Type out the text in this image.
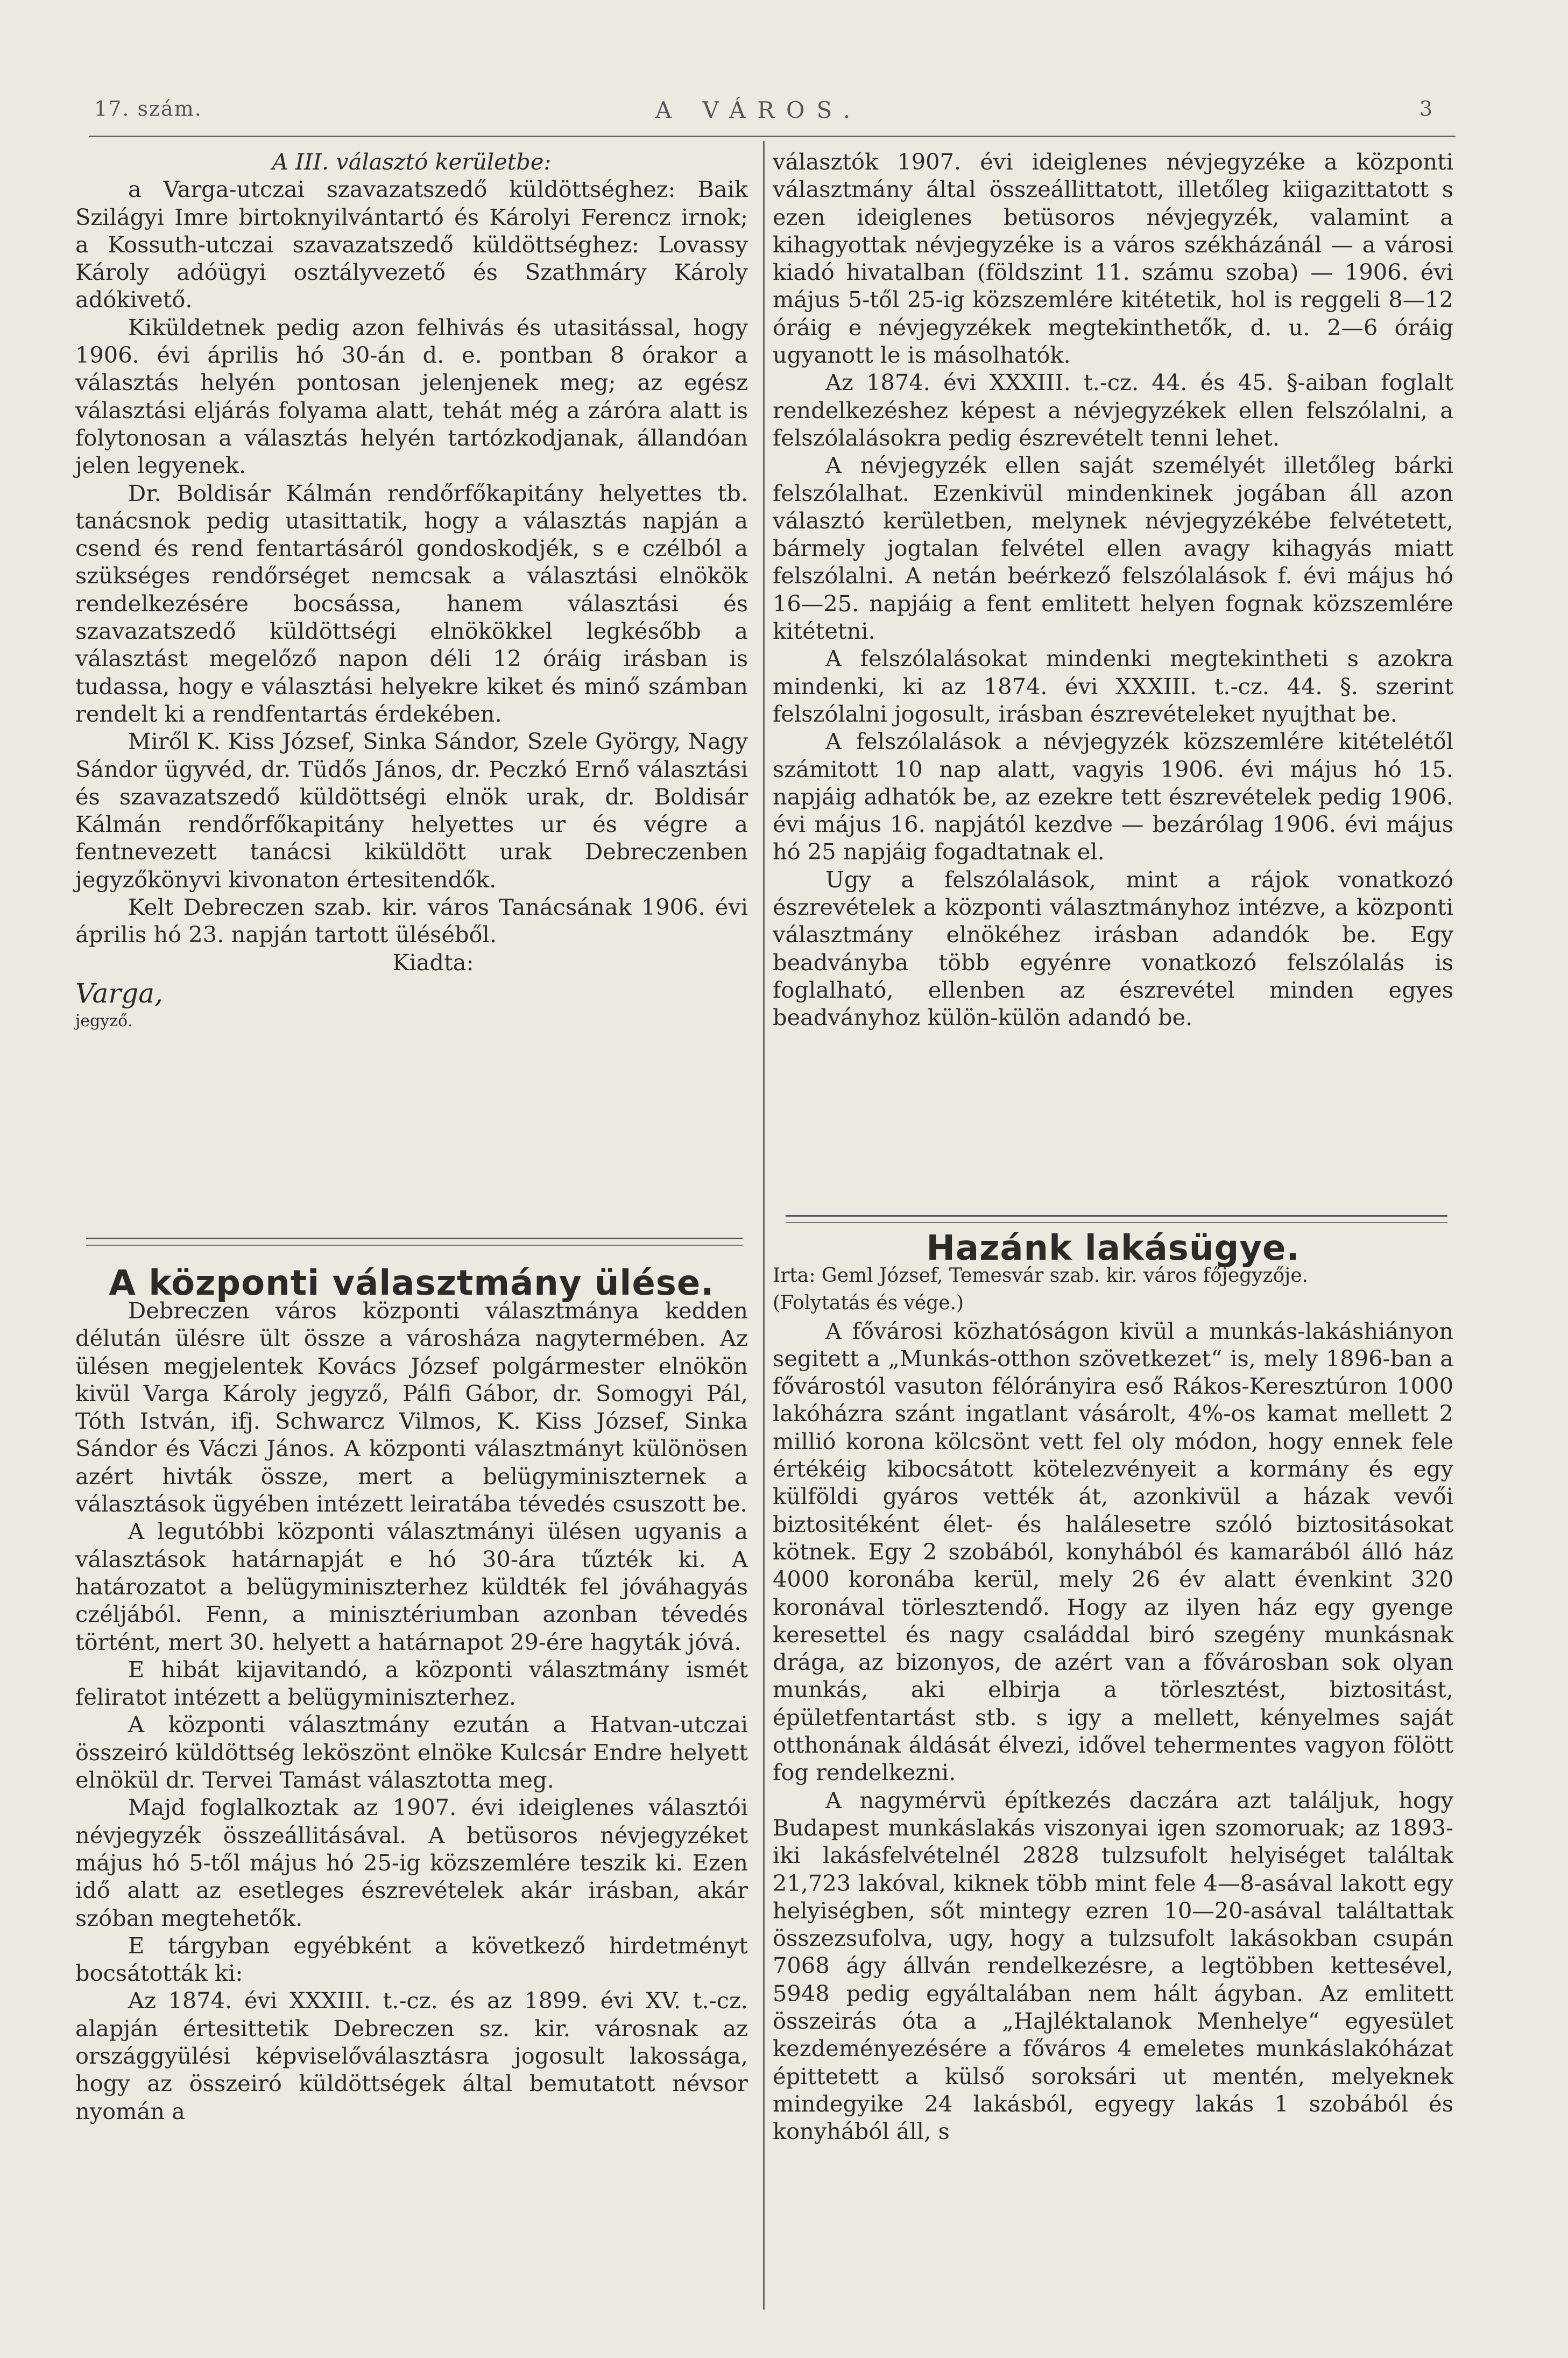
17. szám.	A VÁROS.	3

A III. választó kerületbe:

a Varga-utczai szavazatszedő küldöttséghez: Baik Szilágyi Imre birtoknyilvántartó és Károlyi Ferencz irnok; a Kossuth-utczai szavazatszedő küldöttséghez: Lovassy Károly adóügyi osztályvezető és Szathmáry Károly adókivető.

Kiküldetnek pedig azon felhivás és utasitással, hogy 1906. évi április hó 30-án d. e. pontban 8 órakor a választás helyén pontosan jelenjenek meg; az egész választási eljárás folyama alatt, tehát még a záróra alatt is folytonosan a választás helyén tartózkodjanak, állandóan jelen legyenek.

Dr. Boldisár Kálmán rendőrfőkapitány helyettes tb. tanácsnok pedig utasittatik, hogy a választás napján a csend és rend fentartásáról gondoskodjék, s e czélból a szükséges rendőrséget nemcsak a választási elnökök rendelkezésére bocsássa, hanem választási és szavazatszedő küldöttségi elnökökkel legkésőbb a választást megelőző napon déli 12 óráig irásban is tudassa, hogy e választási helyekre kiket és minő számban rendelt ki a rendfentartás érdekében.

Miről K. Kiss József, Sinka Sándor, Szele György, Nagy Sándor ügyvéd, dr. Tüdős János, dr. Peczkó Ernő választási és szavazatszedő küldöttségi elnök urak, dr. Boldisár Kálmán rendőrfőkapitány helyettes ur és végre a fentnevezett tanácsi kiküldött urak Debreczenben jegyzőkönyvi kivonaton értesitendők.

Kelt Debreczen szab. kir. város Tanácsának 1906. évi április hó 23. napján tartott üléséből.

Kiadta:

Varga,

jegyző.

A központi választmány ülése.

Debreczen város központi választmánya kedden délután ülésre ült össze a városháza nagytermében. Az ülésen megjelentek Kovács József polgármester elnökön kivül Varga Károly jegyző, Pálfi Gábor, dr. Somogyi Pál, Tóth István, ifj. Schwarcz Vilmos, K. Kiss József, Sinka Sándor és Váczi János. A központi választmányt különösen azért hivták össze, mert a belügyminiszternek a választások ügyében intézett leiratába tévedés csuszott be.

A legutóbbi központi választmányi ülésen ugyanis a választások határnapját e hó 30-ára tűzték ki. A határozatot a belügyminiszterhez küldték fel jóváhagyás czéljából. Fenn, a minisztériumban azonban tévedés történt, mert 30. helyett a határnapot 29-ére hagyták jóvá.

E hibát kijavitandó, a központi választmány ismét feliratot intézett a belügyminiszterhez.

A központi választmány ezután a Hatvan-utczai összeiró küldöttség leköszönt elnöke Kulcsár Endre helyett elnökül dr. Tervei Tamást választotta meg.

Majd foglalkoztak az 1907. évi ideiglenes választói névjegyzék összeállitásával. A betüsoros névjegyzéket május hó 5-től május hó 25-ig közszemlére teszik ki. Ezen idő alatt az esetleges észrevételek akár irásban, akár szóban megtehetők.

E tárgyban egyébként a következő hirdetményt bocsátották ki:

Az 1874. évi XXXIII. t.-cz. és az 1899. évi XV. t.-cz. alapján értesittetik Debreczen sz. kir. városnak az országgyülési képviselőválasztásra jogosult lakossága, hogy az összeiró küldöttségek által bemutatott névsor nyomán a

választók 1907. évi ideiglenes névjegyzéke a központi választmány által összeállittatott, illetőleg kiigazittatott s ezen ideiglenes betüsoros névjegyzék, valamint a kihagyottak névjegyzéke is a város székházánál — a városi kiadó hivatalban (földszint 11. számu szoba) — 1906. évi május 5-től 25-ig közszemlére kitétetik, hol is reggeli 8—12 óráig e névjegyzékek megtekinthetők, d. u. 2—6 óráig ugyanott le is másolhatók.

Az 1874. évi XXXIII. t.-cz. 44. és 45. §-aiban foglalt rendelkezéshez képest a névjegyzékek ellen felszólalni, a felszólalásokra pedig észrevételt tenni lehet.

A névjegyzék ellen saját személyét illetőleg bárki felszólalhat. Ezenkivül mindenkinek jogában áll azon választó kerületben, melynek névjegyzékébe felvétetett, bármely jogtalan felvétel ellen avagy kihagyás miatt felszólalni. A netán beérkező felszólalások f. évi május hó 16—25. napjáig a fent emlitett helyen fognak közszemlére kitétetni.

A felszólalásokat mindenki megtekintheti s azokra mindenki, ki az 1874. évi XXXIII. t.-cz. 44. §. szerint felszólalni jogosult, irásban észrevételeket nyujthat be.

A felszólalások a névjegyzék közszemlére kitételétől számitott 10 nap alatt, vagyis 1906. évi május hó 15. napjáig adhatók be, az ezekre tett észrevételek pedig 1906. évi május 16. napjától kezdve — bezárólag 1906. évi május hó 25 napjáig fogadtatnak el.

Ugy a felszólalások, mint a rájok vonatkozó észrevételek a központi választmányhoz intézve, a központi választmány elnökéhez irásban adandók be. Egy beadványba több egyénre vonatkozó felszólalás is foglalható, ellenben az észrevétel minden egyes beadványhoz külön-külön adandó be.

Hazánk lakásügye.

Irta: Geml József, Temesvár szab. kir. város főjegyzője.

(Folytatás és vége.)

A fővárosi közhatóságon kivül a munkás-lakáshiányon segitett a „Munkás-otthon szövetkezet“ is, mely 1896-ban a fővárostól vasuton félórányira eső Rákos-Keresztúron 1000 lakóházra szánt ingatlant vásárolt, 4%-os kamat mellett 2 millió korona kölcsönt vett fel oly módon, hogy ennek fele értékéig kibocsátott kötelezvényeit a kormány és egy külföldi gyáros vették át, azonkivül a házak vevői biztositéként élet- és halálesetre szóló biztositásokat kötnek. Egy 2 szobából, konyhából és kamarából álló ház 4000 koronába kerül, mely 26 év alatt évenkint 320 koronával törlesztendő. Hogy az ilyen ház egy gyenge keresettel és nagy családdal biró szegény munkásnak drága, az bizonyos, de azért van a fővárosban sok olyan munkás, aki elbirja a törlesztést, biztositást, épületfentartást stb. s igy a mellett, kényelmes saját otthonának áldását élvezi, idővel tehermentes vagyon fölött fog rendelkezni.

A nagymérvü építkezés daczára azt találjuk, hogy Budapest munkáslakás viszonyai igen szomoruak; az 1893-iki lakásfelvételnél 2828 tulzsufolt helyiséget találtak 21,723 lakóval, kiknek több mint fele 4—8-asával lakott egy helyiségben, sőt mintegy ezren 10—20-asával találtattak összezsufolva, ugy, hogy a tulzsufolt lakásokban csupán 7068 ágy állván rendelkezésre, a legtöbben kettesével, 5948 pedig egyáltalában nem hált ágyban. Az emlitett összeirás óta a „Hajléktalanok Menhelye“ egyesület kezdeményezésére a főváros 4 emeletes munkáslakóházat épittetett a külső soroksári ut mentén, melyeknek mindegyike 24 lakásból, egyegy lakás 1 szobából és konyhából áll, s
